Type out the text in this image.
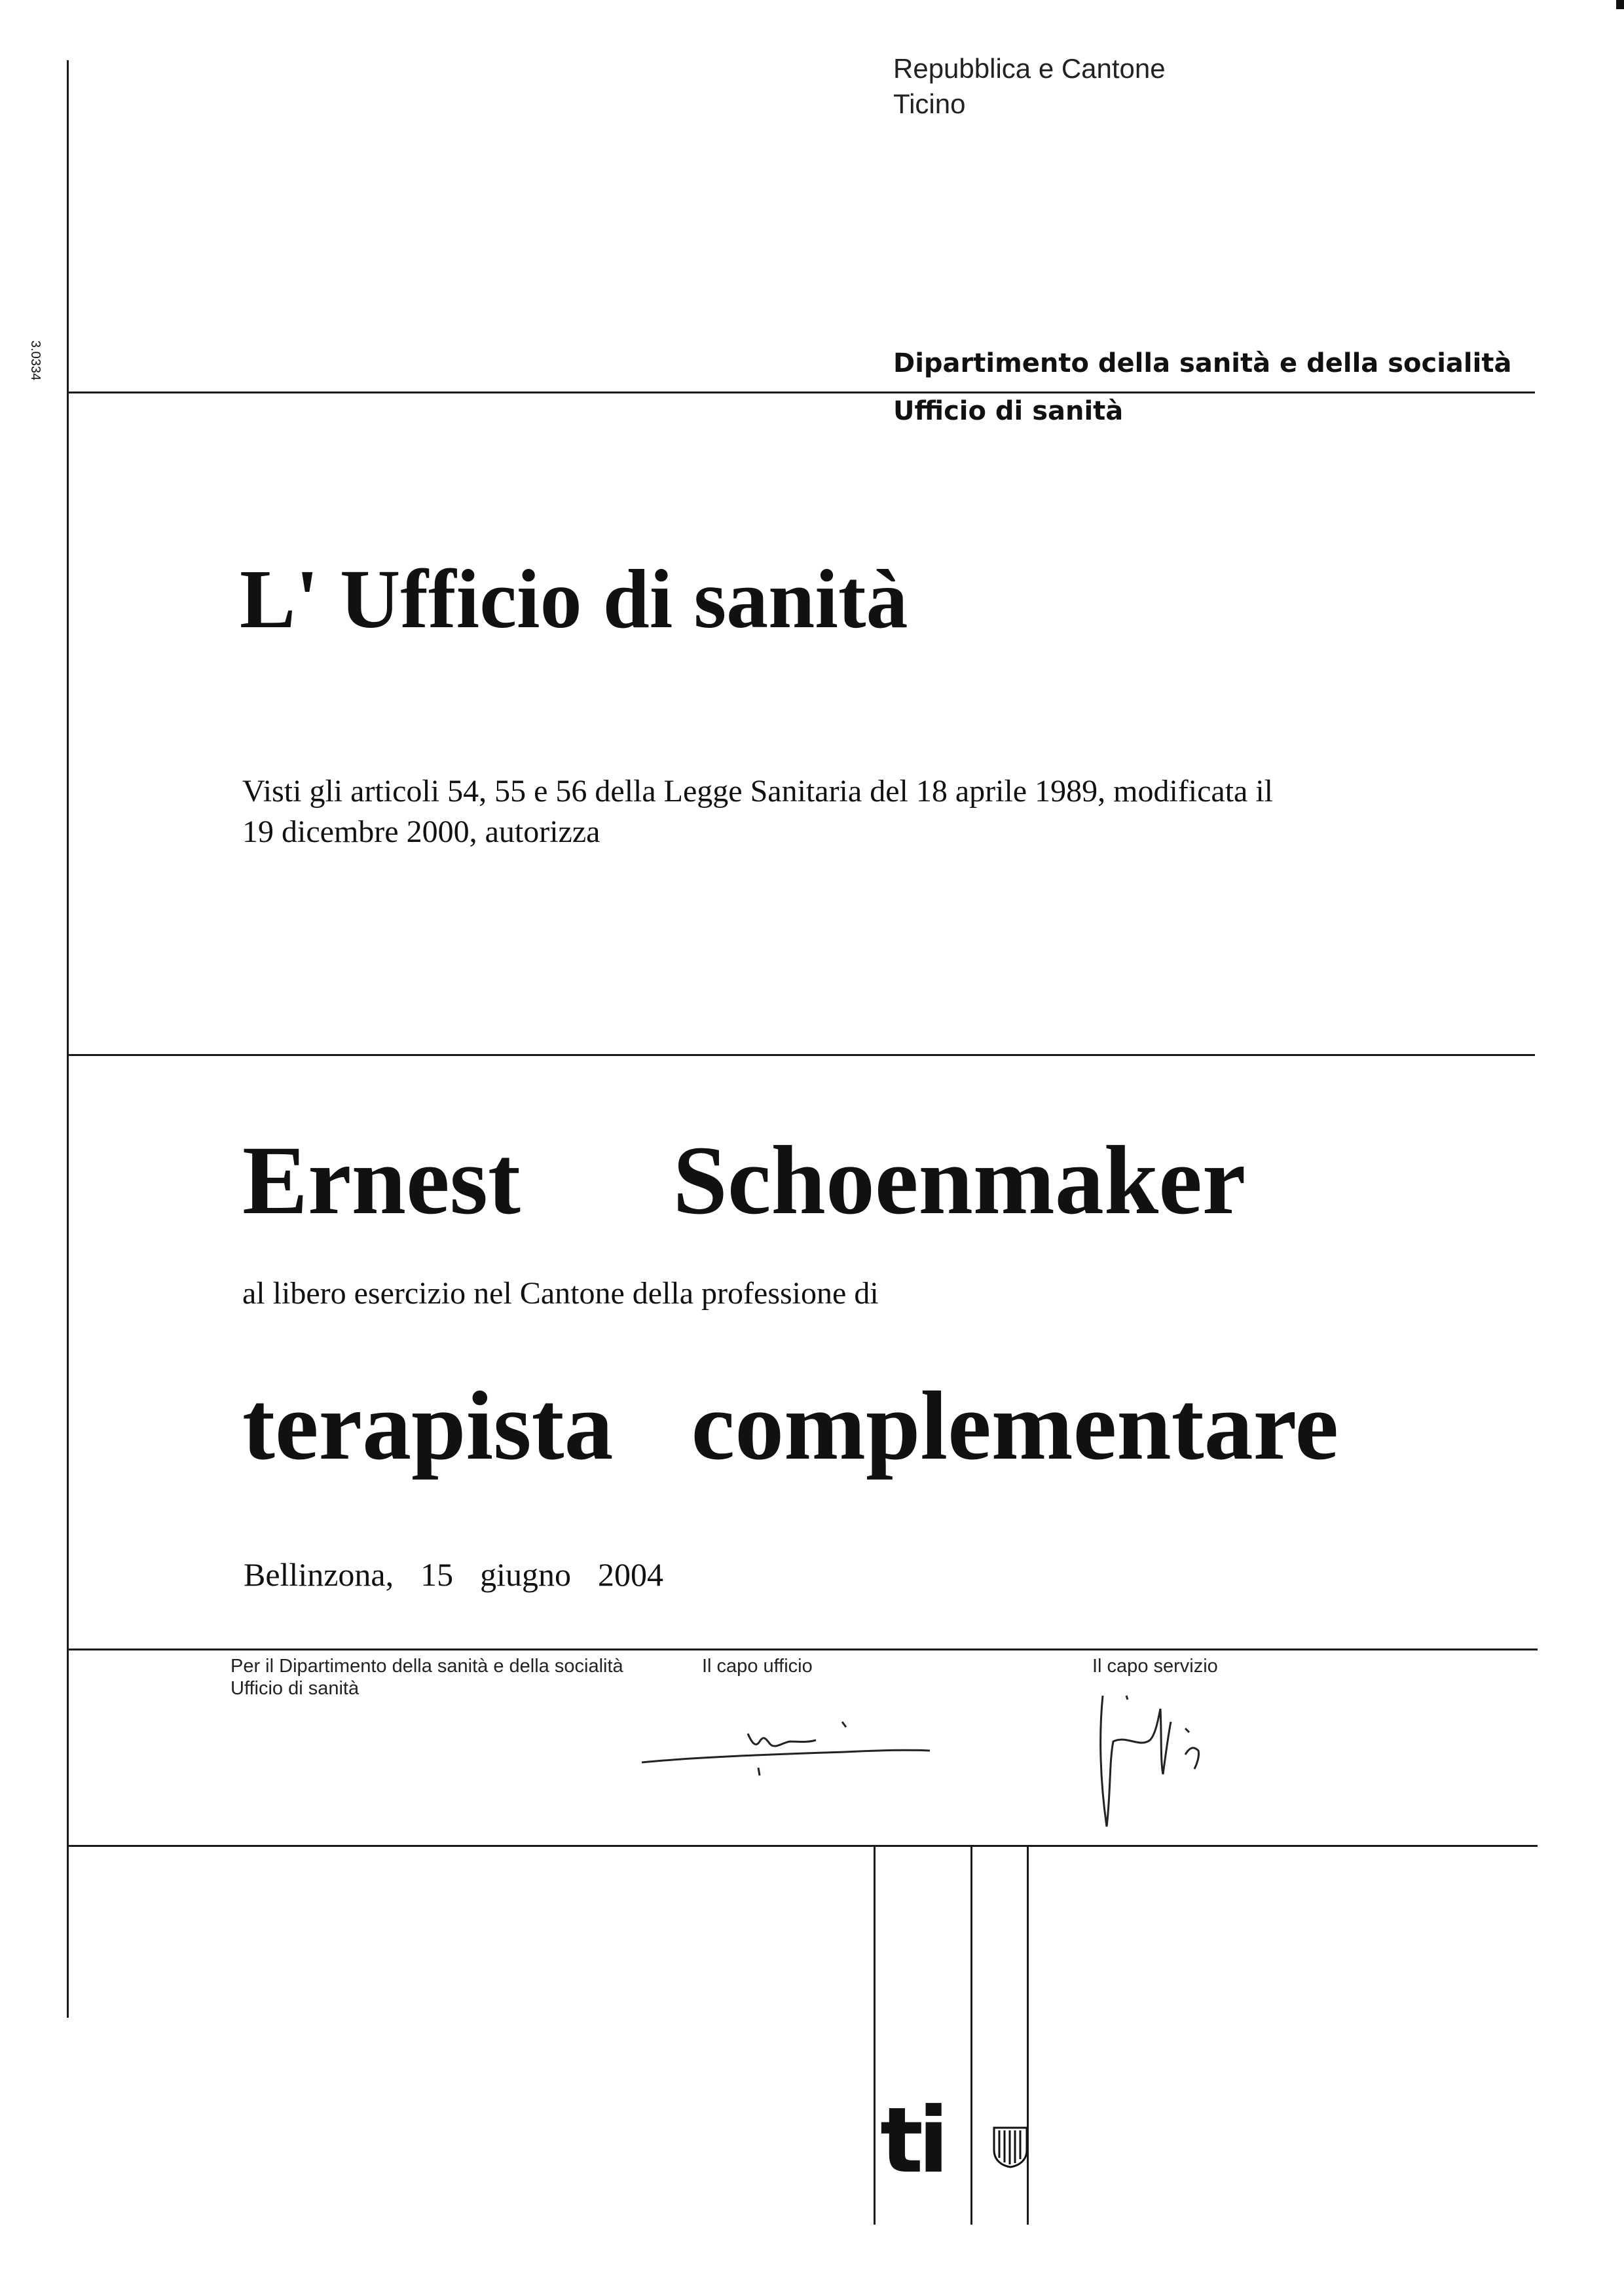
3.0334
Repubblica e Cantone
Ticino
Dipartimento della sanità e della socialità
Ufficio di sanità
L' Ufficio di sanità
Visti gli articoli 54, 55 e 56 della Legge Sanitaria del 18 aprile 1989, modificata il
19 dicembre 2000, autorizza
Ernest   Schoenmaker
al libero esercizio nel Cantone della professione di
terapista  complementare
Bellinzona,  15  giugno  2004
Per il Dipartimento della sanità e della socialità
Ufficio di sanità
Il capo ufficio	Il capo servizio
ti
